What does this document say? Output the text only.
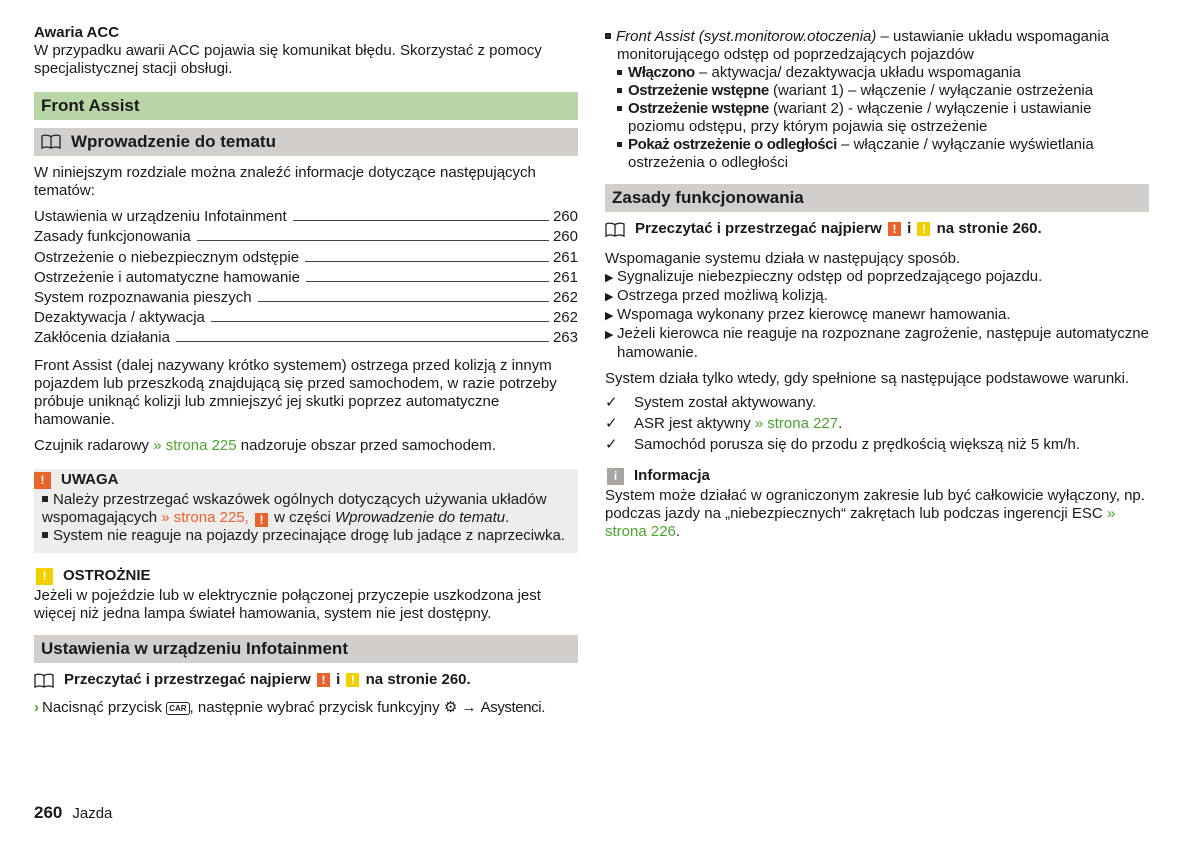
Awaria ACC

W przypadku awarii ACC pojawia się komunikat błędu. Skorzystać z pomocy specjalistycznej stacji obsługi.

Front Assist
Wprowadzenie do tematu

W niniejszym rozdziale można znaleźć informacje dotyczące następujących tematów:

Ustawienia w urządzeniu Infotainment	260
Zasady funkcjonowania	260
Ostrzeżenie o niebezpiecznym odstępie	261
Ostrzeżenie i automatyczne hamowanie	261
System rozpoznawania pieszych	262
Dezaktywacja / aktywacja	262
Zakłócenia działania	263

Front Assist (dalej nazywany krótko systemem) ostrzega przed kolizją z innym pojazdem lub przeszkodą znajdującą się przed samochodem, w razie potrzeby próbuje uniknąć kolizji lub zmniejszyć jej skutki poprzez automatyczne hamowanie.

Czujnik radarowy » strona 225 nadzoruje obszar przed samochodem.

!	UWAGA

Należy przestrzegać wskazówek ogólnych dotyczących używania układów wspomagających » strona 225, ! w części Wprowadzenie do tematu.

System nie reaguje na pojazdy przecinające drogę lub jadące z naprzeciwka.

!	OSTROŻNIE

Jeżeli w pojeździe lub w elektrycznie połączonej przyczepie uszkodzona jest więcej niż jedna lampa świateł hamowania, system nie jest dostępny.

Ustawienia w urządzeniu Infotainment
Przeczytać i przestrzegać najpierw
!
i
!
na stronie 260.

› Nacisnąć przycisk CAR , następnie wybrać przycisk funkcyjny ⚙ → Asystenci.

Front Assist (syst.monitorow.otoczenia) – ustawianie układu wspomagania monitorującego odstęp od poprzedzających pojazdów

Włączono – aktywacja/ dezaktywacja układu wspomagania

Ostrzeżenie wstępne (wariant 1) – włączenie / wyłączanie ostrzeżenia

Ostrzeżenie wstępne (wariant 2) - włączenie / wyłączenie i ustawianie poziomu odstępu, przy którym pojawia się ostrzeżenie

Pokaż ostrzeżenie o odległości – włączanie / wyłączanie wyświetlania ostrzeżenia o odległości

Zasady funkcjonowania
Przeczytać i przestrzegać najpierw
!
i
!
na stronie 260.

Wspomaganie systemu działa w następujący sposób.

▶ Sygnalizuje niebezpieczny odstęp od poprzedzającego pojazdu.

▶ Ostrzega przed możliwą kolizją.

▶ Wspomaga wykonany przez kierowcę manewr hamowania.

▶ Jeżeli kierowca nie reaguje na rozpoznane zagrożenie, następuje automatyczne hamowanie.

System działa tylko wtedy, gdy spełnione są następujące podstawowe warunki.

✓	System został aktywowany.
✓	ASR jest aktywny » strona 227 .
✓	Samochód porusza się do przodu z prędkością większą niż 5 km/h.
i	Informacja

System może działać w ograniczonym zakresie lub być całkowicie wyłączony, np. podczas jazdy na „niebezpiecznych“ zakrętach lub podczas ingerencji ESC » strona 226.

260 Jazda
